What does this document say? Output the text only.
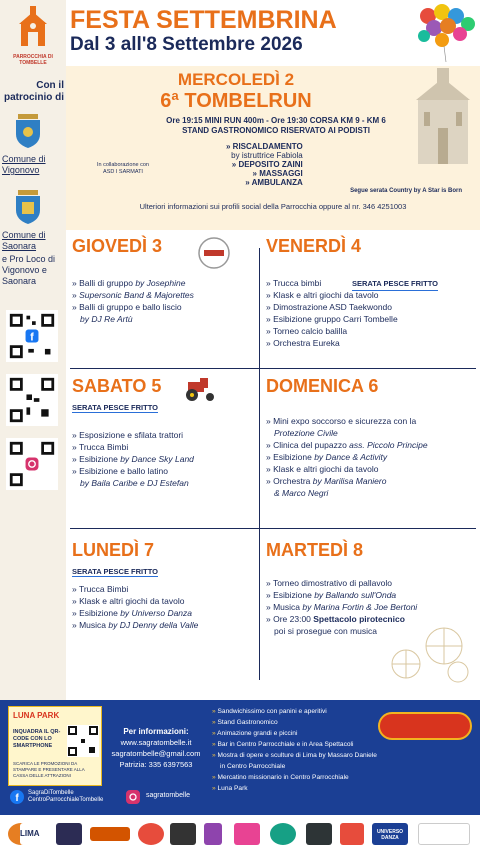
PARROCCHIA DI TOMBELLE
Con il patrocinio di
Comune di Vigonovo
Comune di Saonara
e Pro Loco di Vigonovo e Saonara
f
FESTA SETTEMBRINA
Dal 3 all'8 Settembre 2026
MERCOLEDÌ 2
6ª TOMBELRUN
Ore 19:15 MINI RUN 400m - Ore 19:30 CORSA KM 9 - KM 6
STAND GASTRONOMICO RISERVATO AI PODISTI
In collaborazione con
ASD I SARMATI
» RISCALDAMENTO
by istruttrice Fabiola
» DEPOSITO ZAINI
» MASSAGGI
» AMBULANZA
Segue serata Country by A Star is Born
Ulteriori informazioni sui profili social della Parrocchia oppure al nr. 346 4251003
GIOVEDÌ 3
» Balli di gruppo by Josephine
» Supersonic Band & Majorettes
» Balli di gruppo e ballo liscio
by DJ Re Artù
VENERDÌ 4
SERATA PESCE FRITTO
» Trucca bimbi
» Klask e altri giochi da tavolo
» Dimostrazione ASD Taekwondo
» Esibizione gruppo Carri Tombelle
» Torneo calcio balilla
» Orchestra Eureka
SABATO 5
SERATA PESCE FRITTO
» Esposizione e sfilata trattori
» Trucca Bimbi
» Esibizione by Dance Sky Land
» Esibizione e ballo latino
by Baila Caribe e DJ Estefan
DOMENICA 6
» Mini expo soccorso e sicurezza con la
Protezione Civile
» Clinica del pupazzo ass. Piccolo Principe
» Esibizione by Dance & Activity
» Klask e altri giochi da tavolo
» Orchestra by Marilisa Maniero
& Marco Negri
LUNEDÌ 7
SERATA PESCE FRITTO
» Trucca Bimbi
» Klask e altri giochi da tavolo
» Esibizione by Universo Danza
» Musica by DJ Denny della Valle
MARTEDÌ 8
» Torneo dimostrativo di pallavolo
» Esibizione by Ballando sull'Onda
» Musica by Marina Fortin & Joe Bertoni
» Ore 23:00 Spettacolo pirotecnico
poi si prosegue con musica
LUNA PARK
INQUADRA IL QR-CODE CON LO SMARTPHONE
SCARICA LE PROMOZIONI DA STAMPARE E PRESENTARE ALLA CASSA DELLE ATTRAZIONI
Per informazioni:
www.sagratombelle.it
sagratombelle@gmail.com
Patrizia: 335 6397563
f SagraDiTombelle
CentroParrocchialeTombelle
sagratombelle
» Sandwichissimo con panini e aperitivi
» Stand Gastronomico
» Animazione grandi e piccini
» Bar in Centro Parrocchiale e in Area Spettacoli
» Mostra di opere e sculture di Lima by Massaro Daniele
in Centro Parrocchiale
» Mercatino missionario in Centro Parrocchiale
» Luna Park
LIMA	UNIVERSO DANZA
